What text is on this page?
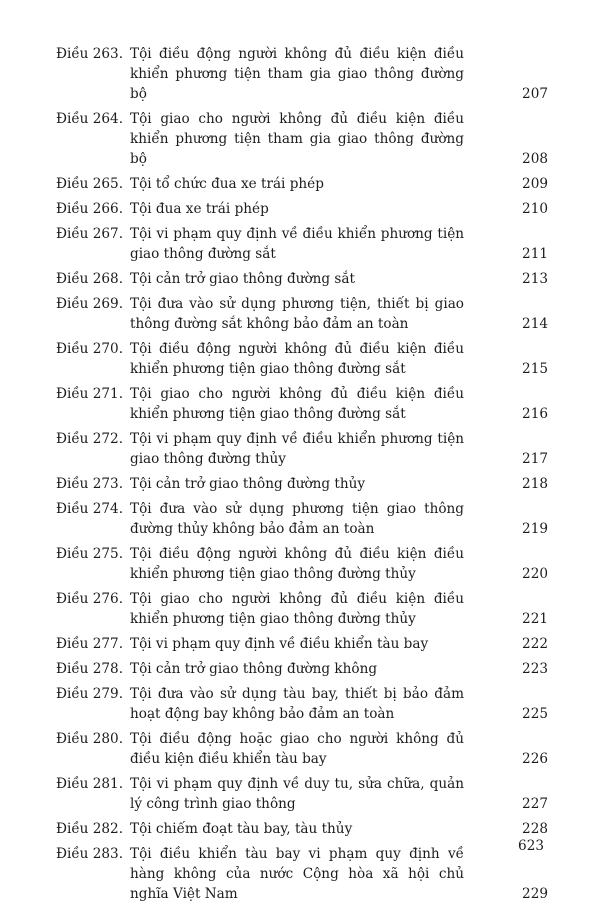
Điều 263. Tội điều động người không đủ điều kiện điều khiển phương tiện tham gia giao thông đường bộ	207
Điều 264. Tội giao cho người không đủ điều kiện điều khiển phương tiện tham gia giao thông đường bộ	208
Điều 265. Tội tổ chức đua xe trái phép	209
Điều 266. Tội đua xe trái phép	210
Điều 267. Tội vi phạm quy định về điều khiển phương tiện giao thông đường sắt	211
Điều 268. Tội cản trở giao thông đường sắt	213
Điều 269. Tội đưa vào sử dụng phương tiện, thiết bị giao thông đường sắt không bảo đảm an toàn	214
Điều 270. Tội điều động người không đủ điều kiện điều khiển phương tiện giao thông đường sắt	215
Điều 271. Tội giao cho người không đủ điều kiện điều khiển phương tiện giao thông đường sắt	216
Điều 272. Tội vi phạm quy định về điều khiển phương tiện giao thông đường thủy	217
Điều 273. Tội cản trở giao thông đường thủy	218
Điều 274. Tội đưa vào sử dụng phương tiện giao thông đường thủy không bảo đảm an toàn	219
Điều 275. Tội điều động người không đủ điều kiện điều khiển phương tiện giao thông đường thủy	220
Điều 276. Tội giao cho người không đủ điều kiện điều khiển phương tiện giao thông đường thủy	221
Điều 277. Tội vi phạm quy định về điều khiển tàu bay	222
Điều 278. Tội cản trở giao thông đường không	223
Điều 279. Tội đưa vào sử dụng tàu bay, thiết bị bảo đảm hoạt động bay không bảo đảm an toàn	225
Điều 280. Tội điều động hoặc giao cho người không đủ điều kiện điều khiển tàu bay	226
Điều 281. Tội vi phạm quy định về duy tu, sửa chữa, quản lý công trình giao thông	227
Điều 282. Tội chiếm đoạt tàu bay, tàu thủy	228
Điều 283. Tội điều khiển tàu bay vi phạm quy định về hàng không của nước Cộng hòa xã hội chủ nghĩa Việt Nam	229
623
